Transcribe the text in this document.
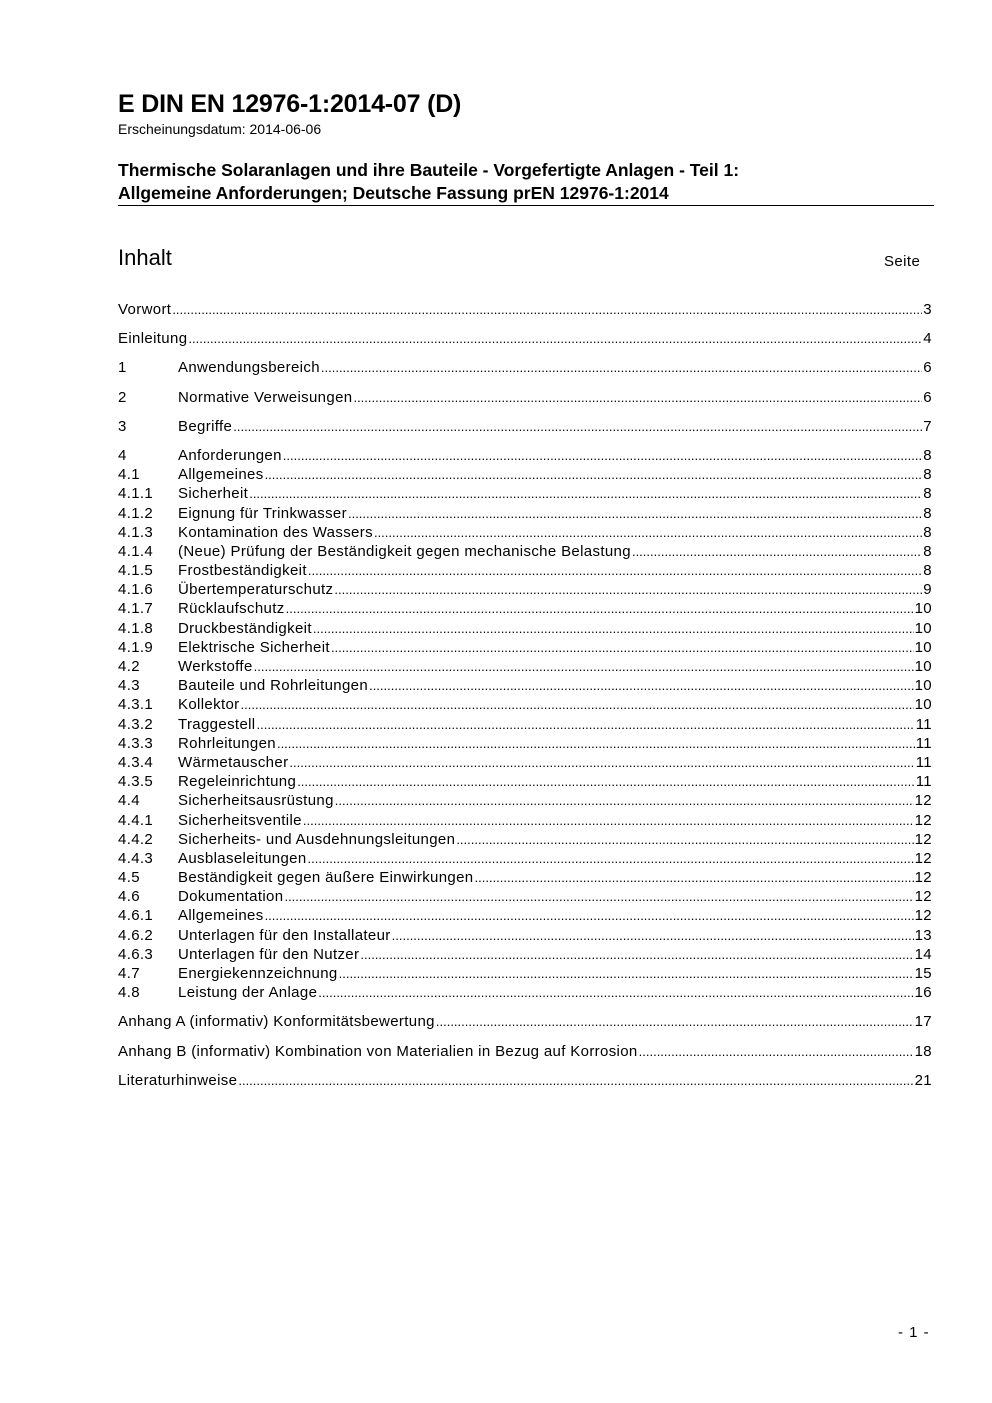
E DIN EN 12976-1:2014-07 (D)
Erscheinungsdatum: 2014-06-06
Thermische Solaranlagen und ihre Bauteile - Vorgefertigte Anlagen - Teil 1:
Allgemeine Anforderungen; Deutsche Fassung prEN 12976-1:2014
Inhalt	Seite
Vorwort .....	3
Einleitung .....	4
1	Anwendungsbereich .....	6
2	Normative Verweisungen .....	6
3	Begriffe .....	7
4	Anforderungen .....	8
4.1	Allgemeines .....	8
4.1.1	Sicherheit .....	8
4.1.2	Eignung für Trinkwasser .....	8
4.1.3	Kontamination des Wassers .....	8
4.1.4	(Neue) Prüfung der Beständigkeit gegen mechanische Belastung .....	8
4.1.5	Frostbeständigkeit .....	8
4.1.6	Übertemperaturschutz .....	9
4.1.7	Rücklaufschutz .....	10
4.1.8	Druckbeständigkeit .....	10
4.1.9	Elektrische Sicherheit .....	10
4.2	Werkstoffe .....	10
4.3	Bauteile und Rohrleitungen .....	10
4.3.1	Kollektor .....	10
4.3.2	Traggestell .....	11
4.3.3	Rohrleitungen .....	11
4.3.4	Wärmetauscher .....	11
4.3.5	Regeleinrichtung .....	11
4.4	Sicherheitsausrüstung .....	12
4.4.1	Sicherheitsventile .....	12
4.4.2	Sicherheits- und Ausdehnungsleitungen .....	12
4.4.3	Ausblaseleitungen .....	12
4.5	Beständigkeit gegen äußere Einwirkungen .....	12
4.6	Dokumentation .....	12
4.6.1	Allgemeines .....	12
4.6.2	Unterlagen für den Installateur .....	13
4.6.3	Unterlagen für den Nutzer .....	14
4.7	Energiekennzeichnung .....	15
4.8	Leistung der Anlage .....	16
Anhang A (informativ) Konformitätsbewertung .....	17
Anhang B (informativ) Kombination von Materialien in Bezug auf Korrosion .....	18
Literaturhinweise .....	21
- 1 -
